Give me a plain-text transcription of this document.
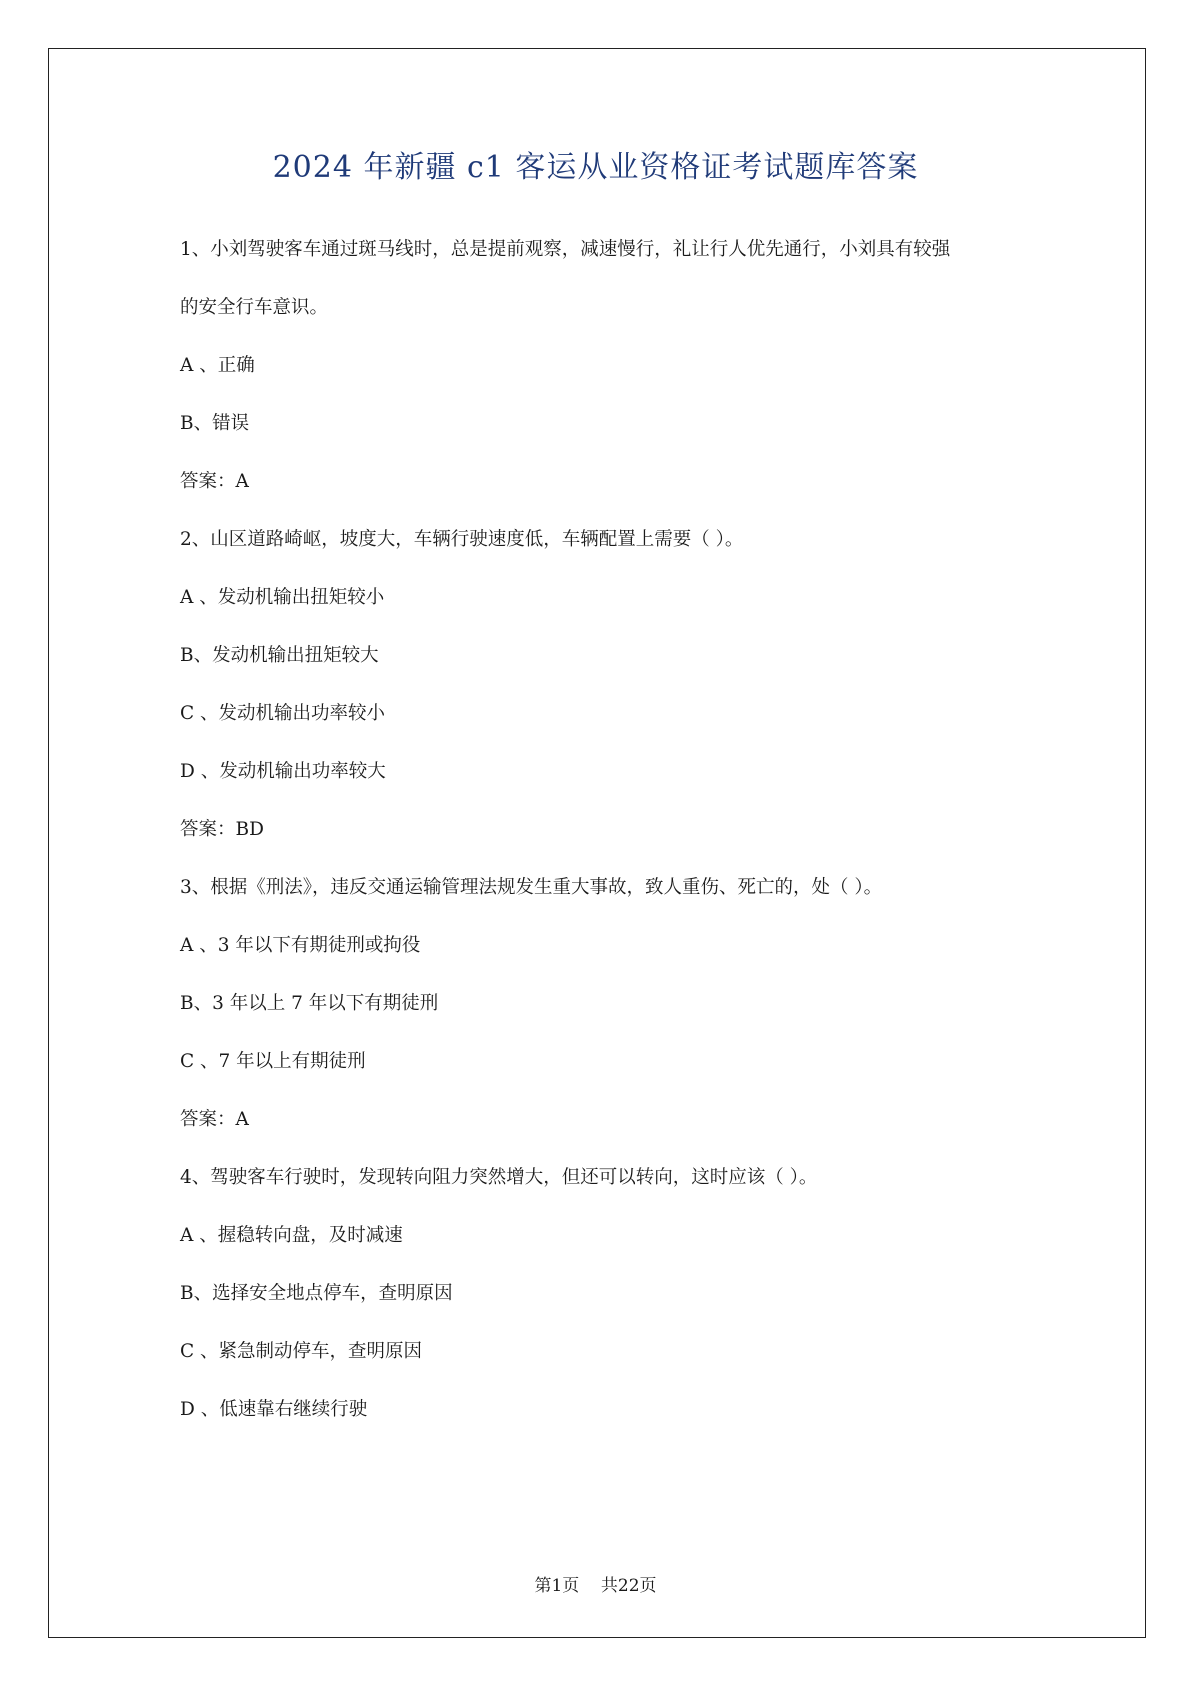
2024 年新疆 c1 客运从业资格证考试题库答案
1、小刘驾驶客车通过斑马线时，总是提前观察，减速慢行，礼让行人优先通行，小刘具有较强
的安全行车意识。
A 、正确
B、错误
答案：A
2、山区道路崎岖，坡度大，车辆行驶速度低，车辆配置上需要（ ）。
A 、发动机输出扭矩较小
B、发动机输出扭矩较大
C 、发动机输出功率较小
D 、发动机输出功率较大
答案：BD
3、根据《刑法》，违反交通运输管理法规发生重大事故，致人重伤、死亡的，处（ ）。
A 、3 年以下有期徒刑或拘役
B、3 年以上 7 年以下有期徒刑
C 、7 年以上有期徒刑
答案：A
4、驾驶客车行驶时，发现转向阻力突然增大，但还可以转向，这时应该（ ）。
A 、握稳转向盘，及时减速
B、选择安全地点停车，查明原因
C 、紧急制动停车，查明原因
D 、低速靠右继续行驶
第1页    共22页
